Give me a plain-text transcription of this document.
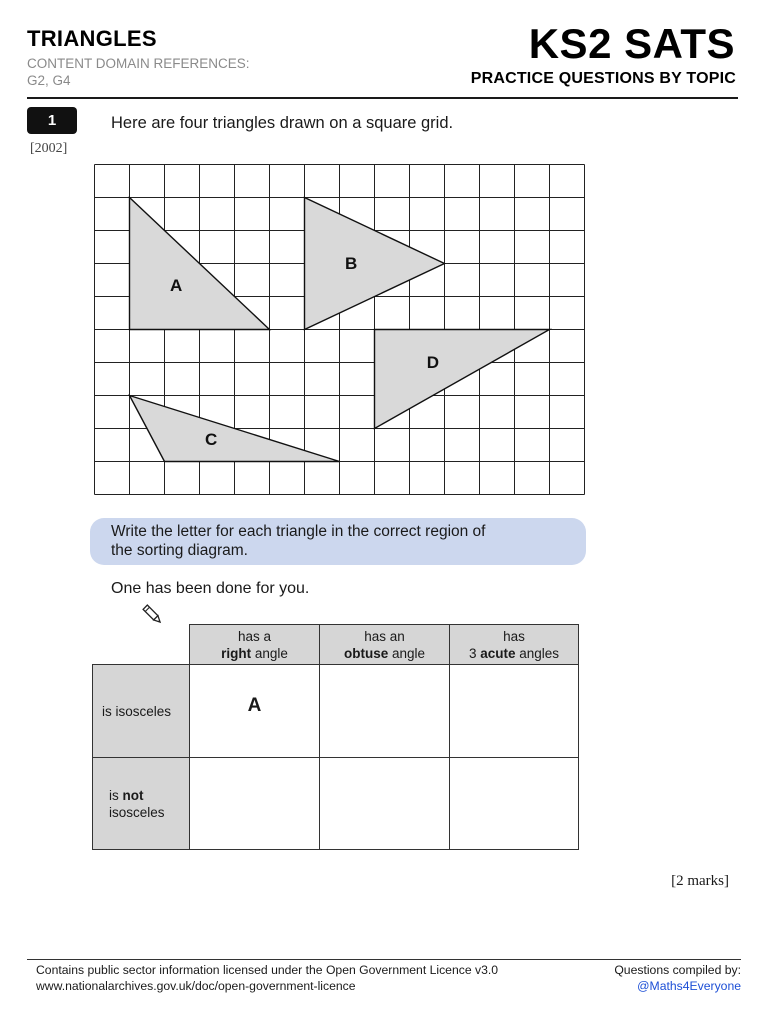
TRIANGLES
CONTENT DOMAIN REFERENCES:
G2, G4
KS2 SATS
PRACTICE QUESTIONS BY TOPIC
1
[2002]
Here are four triangles drawn on a square grid.
A
B
C
D
Write the letter for each triangle in the correct region of
the sorting diagram.
One has been done for you.
has a
right angle
has an
obtuse angle
has
3 acute angles
is isosceles
is not
isosceles
A
[2 marks]
Contains public sector information licensed under the Open Government Licence v3.0
www.nationalarchives.gov.uk/doc/open-government-licence
Questions compiled by:
@Maths4Everyone
